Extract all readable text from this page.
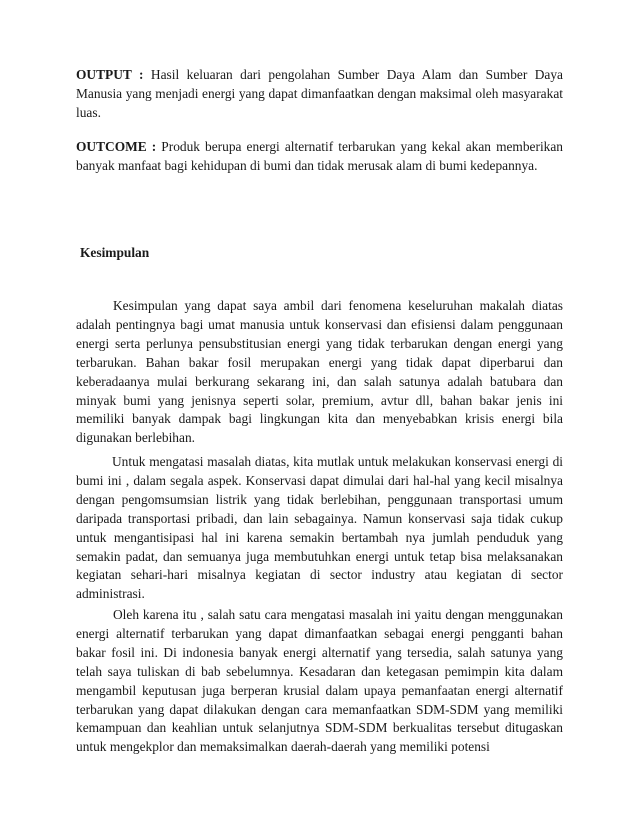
OUTPUT : Hasil keluaran dari pengolahan Sumber Daya Alam dan Sumber Daya Manusia yang menjadi energi yang dapat dimanfaatkan dengan maksimal oleh masyarakat luas.

OUTCOME : Produk berupa energi alternatif terbarukan yang kekal akan memberikan banyak manfaat bagi kehidupan di bumi dan tidak merusak alam di bumi kedepannya.

Kesimpulan

Kesimpulan yang dapat saya ambil dari fenomena keseluruhan makalah diatas adalah pentingnya bagi umat manusia untuk konservasi dan efisiensi dalam penggunaan energi serta perlunya pensubstitusian energi yang tidak terbarukan dengan energi yang terbarukan. Bahan bakar fosil merupakan energi yang tidak dapat diperbarui dan keberadaanya mulai berkurang sekarang ini, dan salah satunya adalah batubara dan minyak bumi yang jenisnya seperti solar, premium, avtur dll, bahan bakar jenis ini memiliki banyak dampak bagi lingkungan kita dan menyebabkan krisis energi bila digunakan berlebihan.

Untuk mengatasi masalah diatas, kita mutlak untuk melakukan konservasi energi di bumi ini , dalam segala aspek. Konservasi dapat dimulai dari hal-hal yang kecil misalnya dengan pengomsumsian listrik yang tidak berlebihan, penggunaan transportasi umum daripada transportasi pribadi, dan lain sebagainya. Namun konservasi saja tidak cukup untuk mengantisipasi hal ini karena semakin bertambah nya jumlah penduduk yang semakin padat, dan semuanya juga membutuhkan energi untuk tetap bisa melaksanakan kegiatan sehari-hari misalnya kegiatan di sector industry atau kegiatan di sector administrasi.

Oleh karena itu , salah satu cara mengatasi masalah ini yaitu dengan menggunakan energi alternatif terbarukan yang dapat dimanfaatkan sebagai energi pengganti bahan bakar fosil ini. Di indonesia banyak energi alternatif yang tersedia, salah satunya yang telah saya tuliskan di bab sebelumnya. Kesadaran dan ketegasan pemimpin kita dalam mengambil keputusan juga berperan krusial dalam upaya pemanfaatan energi alternatif terbarukan yang dapat dilakukan dengan cara memanfaatkan SDM-SDM yang memiliki kemampuan dan keahlian untuk selanjutnya SDM-SDM berkualitas tersebut ditugaskan untuk mengekplor dan memaksimalkan daerah-daerah yang memiliki potensi
